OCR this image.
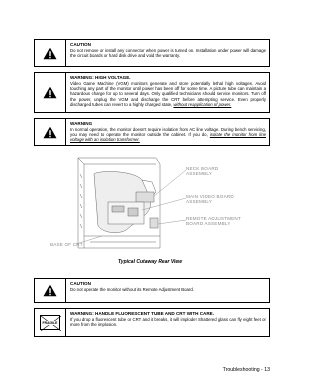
CAUTION
Do not remove or install any connector when power is turned on. Installation under power will damage the circuit boards or hard disk drive and void the warranty.
WARNING: HIGH VOLTAGE.
Video Game Machine (VGM) monitors generate and store potentially lethal high voltages. Avoid touching any part of the monitor until power has been off for some time. A picture tube can maintain a hazardous charge for up to several days. Only qualified technicians should service monitors. Turn off the power, unplug the VGM and discharge the CRT before attempting service. Even properly discharged tubes can revert to a highly charged state, without reapplication of power.
WARNING
In normal operation, the monitor doesn't require isolation from AC line voltage. During bench servicing, you may need to operate the monitor outside the cabinet. If you do, isolate the monitor from line voltage with an isolation transformer.
NECK BOARD
ASSEMBLY
MAIN VIDEO BOARD
ASSEMBLY
REMOTE ADJUSTMENT
BOARD ASSEMBLY
BASE OF CRT
Typical Cutaway Rear View
CAUTION
Do not operate the monitor without its Remote Adjustment Board.
FRAGILE
WARNING: HANDLE FLUORESCENT TUBE AND CRT WITH CARE.
If you drop a fluorescent tube or CRT and it breaks, it will implode! Shattered glass can fly eight feet or more from the implosion.
Troubleshooting - 13
